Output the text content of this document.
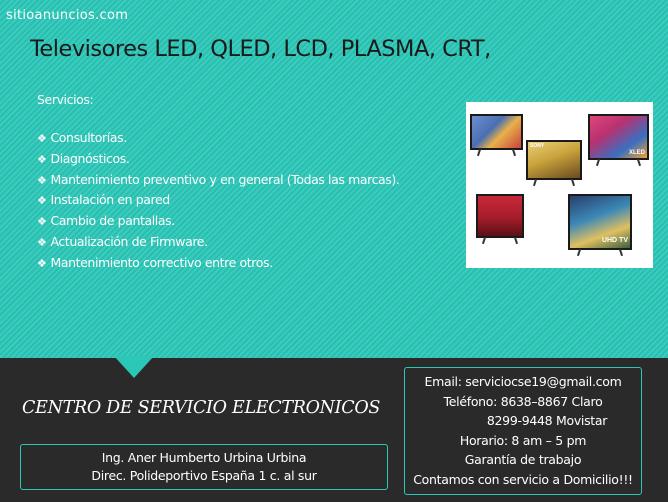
sitioanuncios.com
Televisores LED, QLED, LCD, PLASMA, CRT,
Servicios:
❖ Consultorías.
❖ Diagnósticos.
❖ Mantenimiento preventivo y en general (Todas las marcas).
❖ Instalación en pared
❖ Cambio de pantallas.
❖ Actualización de Firmware.
❖ Mantenimiento correctivo entre otros.
SONY
XLED
UHD TV
CENTRO DE SERVICIO ELECTRONICOS
Ing. Aner Humberto Urbina Urbina
Direc. Polideportivo España 1 c. al sur
Email: serviciocse19@gmail.com
Teléfono: 8638–8867 Claro
8299-9448 Movistar
Horario: 8 am – 5 pm
Garantía de trabajo
Contamos con servicio a Domicilio!!!
